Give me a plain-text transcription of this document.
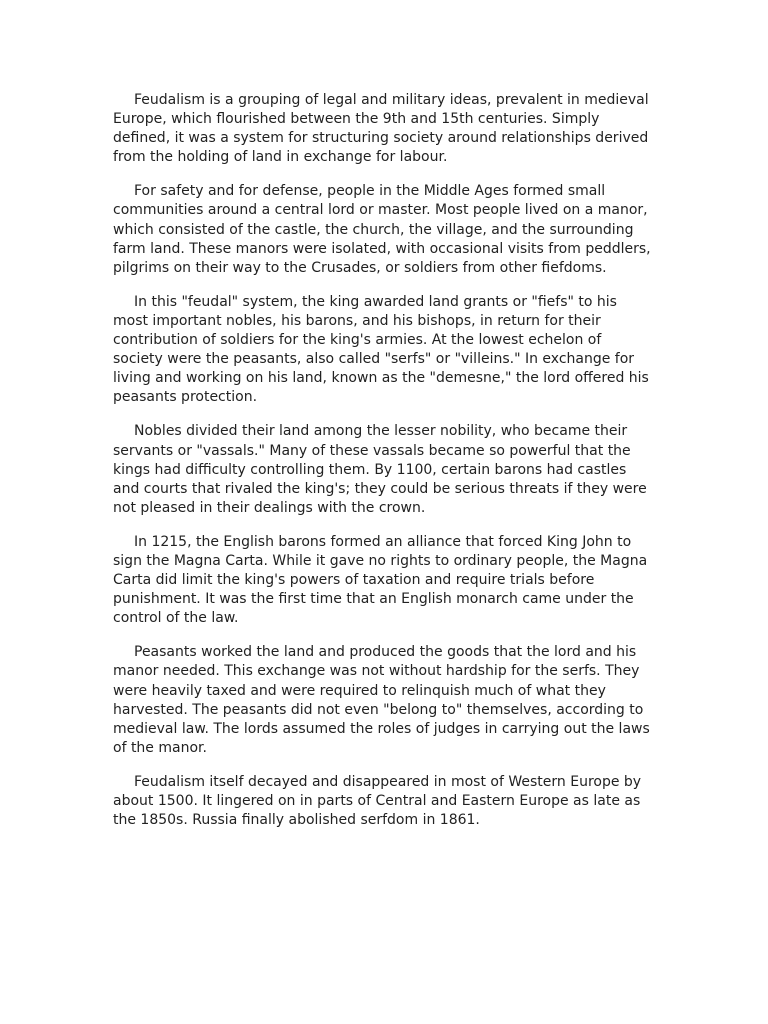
Feudalism is a grouping of legal and military ideas, prevalent in medieval Europe, which flourished between the 9th and 15th centuries. Simply defined, it was a system for structuring society around relationships derived from the holding of land in exchange for labour.

For safety and for defense, people in the Middle Ages formed small communities around a central lord or master. Most people lived on a manor, which consisted of the castle, the church, the village, and the surrounding farm land. These manors were isolated, with occasional visits from peddlers, pilgrims on their way to the Crusades, or soldiers from other fiefdoms.

In this "feudal" system, the king awarded land grants or "fiefs" to his most important nobles, his barons, and his bishops, in return for their contribution of soldiers for the king's armies. At the lowest echelon of society were the peasants, also called "serfs" or "villeins." In exchange for living and working on his land, known as the "demesne," the lord offered his peasants protection.

Nobles divided their land among the lesser nobility, who became their servants or "vassals." Many of these vassals became so powerful that the kings had difficulty controlling them. By 1100, certain barons had castles and courts that rivaled the king's; they could be serious threats if they were not pleased in their dealings with the crown.

In 1215, the English barons formed an alliance that forced King John to sign the Magna Carta. While it gave no rights to ordinary people, the Magna Carta did limit the king's powers of taxation and require trials before punishment. It was the first time that an English monarch came under the control of the law.

Peasants worked the land and produced the goods that the lord and his manor needed. This exchange was not without hardship for the serfs. They were heavily taxed and were required to relinquish much of what they harvested. The peasants did not even "belong to" themselves, according to medieval law. The lords assumed the roles of judges in carrying out the laws of the manor.

Feudalism itself decayed and disappeared in most of Western Europe by about 1500. It lingered on in parts of Central and Eastern Europe as late as the 1850s. Russia finally abolished serfdom in 1861.
